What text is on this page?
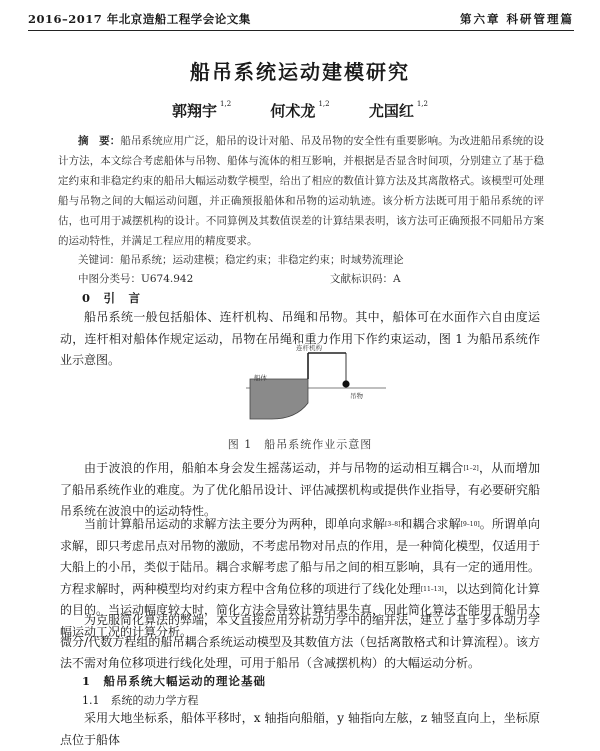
2016–2017 年北京造船工程学会论文集	第六章 科研管理篇
船吊系统运动建模研究
郭翔宇 $^{1,2}$	何术龙 $^{1,2}$	尤国红 $^{1,2}$
摘　要：船吊系统应用广泛，船吊的设计对船、吊及吊物的安全性有重要影响。为改进船吊系统的设计方法，本文综合考虑船体与吊物、船体与流体的相互影响，并根据是否显含时间项，分别建立了基于稳定约束和非稳定约束的船吊大幅运动数学模型，给出了相应的数值计算方法及其离散格式。该模型可处理船与吊物之间的大幅运动问题，并正确预报船体和吊物的运动轨迹。该分析方法既可用于船吊系统的评估，也可用于减摆机构的设计。不同算例及其数值误差的计算结果表明，该方法可正确预报不同船吊方案的运动特性，并满足工程应用的精度要求。
关键词：船吊系统；运动建模；稳定约束；非稳定约束；时域势流理论
中图分类号：U674.942	文献标识码：A
0　引　言
船吊系统一般包括船体、连杆机构、吊绳和吊物。其中，船体可在水面作六自由度运动，连杆相对船体作规定运动，吊物在吊绳和重力作用下作约束运动，图 1 为船吊系统作业示意图。
连杆机构
船体
吊物
图 1　船吊系统作业示意图
由于波浪的作用，船舶本身会发生摇荡运动，并与吊物的运动相互耦合[1–2]，从而增加了船吊系统作业的难度。为了优化船吊设计、评估减摆机构或提供作业指导，有必要研究船吊系统在波浪中的运动特性。
当前计算船吊运动的求解方法主要分为两种，即单向求解[3–8]和耦合求解[9–10]。所谓单向求解，即只考虑吊点对吊物的激励，不考虑吊物对吊点的作用，是一种简化模型，仅适用于大船上的小吊，类似于陆吊。耦合求解考虑了船与吊之间的相互影响，具有一定的通用性。方程求解时，两种模型均对约束方程中含角位移的项进行了线化处理[11–13]，以达到简化计算的目的。当运动幅度较大时，简化方法会导致计算结果失真，因此简化算法不能用于船吊大幅运动工况的计算分析。
为克服简化算法的弊端，本文直接应用分析动力学中的缩并法，建立了基于多体动力学微分/代数方程组的船吊耦合系统运动模型及其数值方法（包括离散格式和计算流程）。该方法不需对角位移项进行线化处理，可用于船吊（含减摆机构）的大幅运动分析。
1　船吊系统大幅运动的理论基础
1.1　系统的动力学方程
采用大地坐标系，船体平移时，x 轴指向船艏，y 轴指向左舷，z 轴竖直向上，坐标原点位于船体
